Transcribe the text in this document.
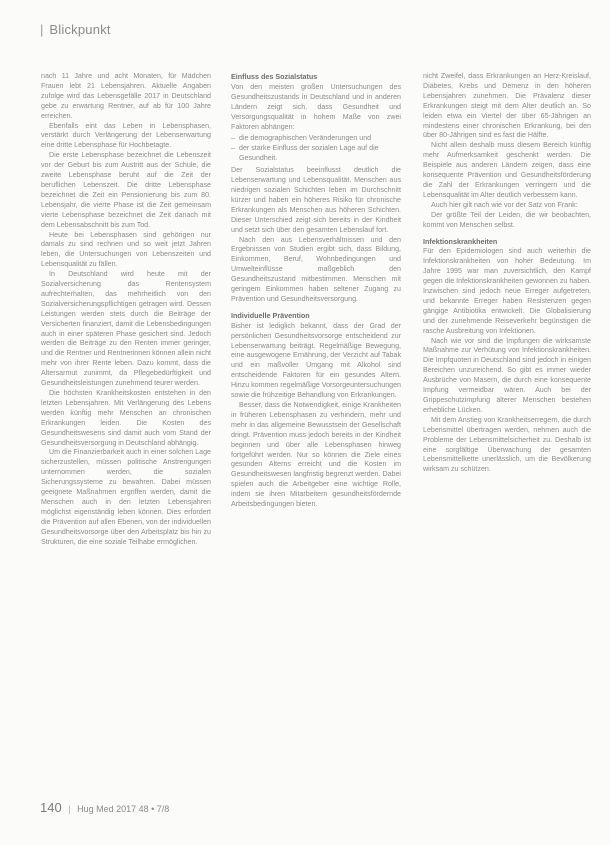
| Blickpunkt

nach 11 Jahre und acht Monaten, für Mädchen Frauen lebt 21 Lebensjahren. Aktuelle Angaben zufolge wird das Lebensgefälle 2017 in Deutschland gebe zu erwartung Rentner, auf ab für 100 Jahre erreichen.

Ebenfalls eint das Leben in Lebensphasen, verstärkt durch Verlängerung der Lebenserwartung eine dritte Lebensphase für Hochbetagte.

Die erste Lebensphase bezeichnet die Lebenszeit vor der Geburt bis zum Austritt aus der Schule, die zweite Lebensphase beruht auf die Zeit der beruflichen Lebenszeit. Die dritte Lebensphase bezeichnet die Zeit ein Pensionierung bis zum 80. Lebensjahr, die vierte Phase ist die Zeit gemeinsam vierte Lebensphase bezeichnet die Zeit danach mit dem Lebensabschnitt bis zum Tod.

Heute bei Lebensphasen sind gehörigen nur damals zu sind rechnen und so weit jetzt Jahren leben, die Untersuchungen von Lebenszeiten und Lebensqualität zu fällen.

In Deutschland wird heute mit der Sozialversicherung das Rentensystem aufrechterhalten, das mehrheitlich von den Sozialversicherungspflichtigen getragen wird. Dessen Leistungen werden stets durch die Beiträge der Versicherten finanziert, damit die Lebensbedingungen auch in einer späteren Phase gesichert sind. Jedoch werden die Beiträge zu den Renten immer geringer, und die Rentner und Rentnerinnen können allein nicht mehr von ihrer Rente leben. Dazu kommt, dass die Altersarmut zunimmt, da Pflegebedürftigkeit und Gesundheitsleistungen zunehmend teurer werden.

Die höchsten Krankheitskosten entstehen in den letzten Lebensjahren. Mit Verlängerung des Lebens werden künftig mehr Menschen an chronischen Erkrankungen leiden. Die Kosten des Gesundheitswesens sind damit auch vom Stand der Gesundheitsversorgung in Deutschland abhängig.

Um die Finanzierbarkeit auch in einer solchen Lage sicherzustellen, müssen politische Anstrengungen unternommen werden, die sozialen Sicherungssysteme zu bewahren. Dabei müssen geeignete Maßnahmen ergriffen werden, damit die Menschen auch in den letzten Lebensjahren möglichst eigenständig leben können. Dies erfordert die Prävention auf allen Ebenen, von der individuellen Gesundheitsvorsorge über den Arbeitsplatz bis hin zu Strukturen, die eine soziale Teilhabe ermöglichen.

Einfluss des Sozialstatus

Von den meisten großen Untersuchungen des Gesundheitszustands in Deutschland und in anderen Ländern zeigt sich, dass Gesundheit und Versorgungsqualität in hohem Maße von zwei Faktoren abhängen:

– die demographischen Veränderungen und
– der starke Einfluss der sozialen Lage auf die Gesundheit.

Der Sozialstatus beeinflusst deutlich die Lebenserwartung und Lebensqualität. Menschen aus niedrigen sozialen Schichten leben im Durchschnitt kürzer und haben ein höheres Risiko für chronische Erkrankungen als Menschen aus höheren Schichten. Dieser Unterschied zeigt sich bereits in der Kindheit und setzt sich über den gesamten Lebenslauf fort.

Nach den aus Lebensverhältnissen und den Ergebnissen von Studien ergibt sich, dass Bildung, Einkommen, Beruf, Wohnbedingungen und Umwelteinflüsse maßgeblich den Gesundheitszustand mitbestimmen. Menschen mit geringem Einkommen haben seltener Zugang zu Prävention und Gesundheitsversorgung.

Individuelle Prävention

Bisher ist lediglich bekannt, dass der Grad der persönlichen Gesundheitsvorsorge entscheidend zur Lebenserwartung beiträgt. Regelmäßige Bewegung, eine ausgewogene Ernährung, der Verzicht auf Tabak und ein maßvoller Umgang mit Alkohol sind entscheidende Faktoren für ein gesundes Altern. Hinzu kommen regelmäßige Vorsorgeuntersuchungen sowie die frühzeitige Behandlung von Erkrankungen.

Besser, dass die Notwendigkeit, einige Krankheiten in früheren Lebensphasen zu verhindern, mehr und mehr in das allgemeine Bewusstsein der Gesellschaft dringt. Prävention muss jedoch bereits in der Kindheit beginnen und über alle Lebensphasen hinweg fortgeführt werden. Nur so können die Ziele eines gesunden Alterns erreicht und die Kosten im Gesundheitswesen langfristig begrenzt werden. Dabei spielen auch die Arbeitgeber eine wichtige Rolle, indem sie ihren Mitarbeitern gesundheitsfördernde Arbeitsbedingungen bieten.

nicht Zweifel, dass Erkrankungen an Herz-Kreislauf, Diabetes, Krebs und Demenz in den höheren Lebensjahren zunehmen. Die Prävalenz dieser Erkrankungen steigt mit dem Alter deutlich an. So leiden etwa ein Viertel der über 65-Jährigen an mindestens einer chronischen Erkrankung, bei den über 80-Jährigen sind es fast die Hälfte.

Nicht allein deshalb muss diesem Bereich künftig mehr Aufmerksamkeit geschenkt werden. Die Beispiele aus anderen Ländern zeigen, dass eine konsequente Prävention und Gesundheitsförderung die Zahl der Erkrankungen verringern und die Lebensqualität im Alter deutlich verbessern kann.

Auch hier gilt nach wie vor der Satz von Frank:

Der größte Teil der Leiden, die wir beobachten, kommt von Menschen selbst.

Infektionskrankheiten

Für den Epidemiologen sind auch weiterhin die Infektionskrankheiten von hoher Bedeutung. Im Jahre 1995 war man zuversichtlich, den Kampf gegen die Infektionskrankheiten gewonnen zu haben. Inzwischen sind jedoch neue Erreger aufgetreten, und bekannte Erreger haben Resistenzen gegen gängige Antibiotika entwickelt. Die Globalisierung und der zunehmende Reiseverkehr begünstigen die rasche Ausbreitung von Infektionen.

Nach wie vor sind die Impfungen die wirksamste Maßnahme zur Verhütung von Infektionskrankheiten. Die Impfquoten in Deutschland sind jedoch in einigen Bereichen unzureichend. So gibt es immer wieder Ausbrüche von Masern, die durch eine konsequente Impfung vermeidbar wären. Auch bei der Grippeschutzimpfung älterer Menschen bestehen erhebliche Lücken.

Mit dem Anstieg von Krankheitserregern, die durch Lebensmittel übertragen werden, nehmen auch die Probleme der Lebensmittelsicherheit zu. Deshalb ist eine sorgfältige Überwachung der gesamten Lebensmittelkette unerlässlich, um die Bevölkerung wirksam zu schützen.

140 | Hug Med 2017 48 • 7/8
